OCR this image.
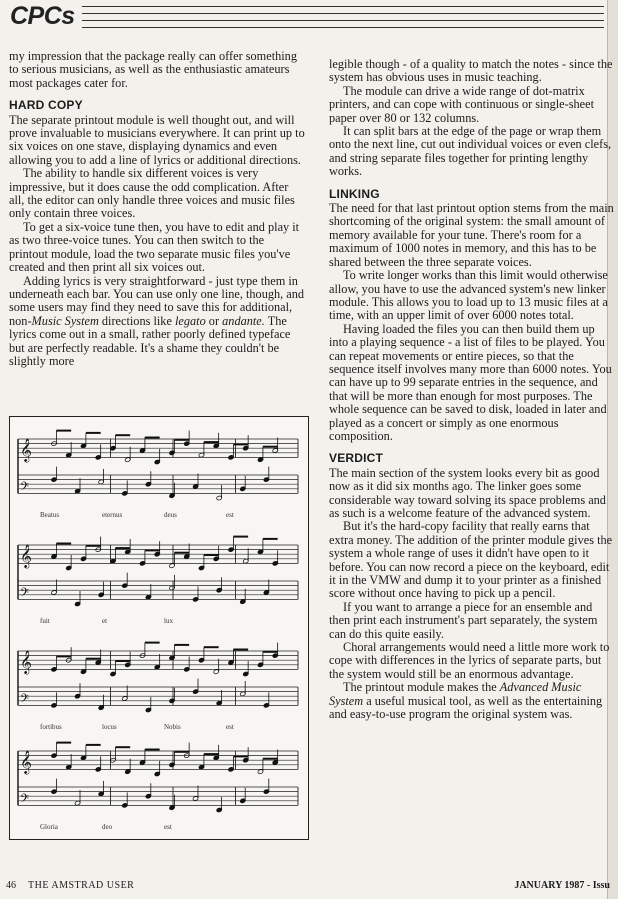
CPCs

my impression that the package really can offer something to serious musicians, as well as the enthusiastic amateurs most packages cater for.

HARD COPY

The separate printout module is well thought out, and will prove invaluable to musicians everywhere. It can print up to six voices on one stave, displaying dynamics and even allowing you to add a line of lyrics or additional directions.

The ability to handle six different voices is very impressive, but it does cause the odd complication. After all, the editor can only handle three voices and music files only contain three voices.

To get a six-voice tune then, you have to edit and play it as two three-voice tunes. You can then switch to the printout module, load the two separate music files you've created and then print all six voices out.

Adding lyrics is very straightforward - just type them in underneath each bar. You can use only one line, though, and some users may find they need to save this for additional, non-Music System directions like legato or andante. The lyrics come out in a small, rather poorly defined typeface but are perfectly readable. It's a shame they couldn't be slightly more

𝄞
𝄢
𝄞
𝄢
𝄞
𝄢
𝄞
𝄢
Beatus	eternus	deus	est
fuit	et	lux
fortibus	locus	Nobis	est
Gloria	deo	est

legible though - of a quality to match the notes - since the system has obvious uses in music teaching.

The module can drive a wide range of dot-matrix printers, and can cope with continuous or single-sheet paper over 80 or 132 columns.

It can split bars at the edge of the page or wrap them onto the next line, cut out individual voices or even clefs, and string separate files together for printing lengthy works.

LINKING

The need for that last printout option stems from the main shortcoming of the original system: the small amount of memory available for your tune. There's room for a maximum of 1000 notes in memory, and this has to be shared between the three separate voices.

To write longer works than this limit would otherwise allow, you have to use the advanced system's new linker module. This allows you to load up to 13 music files at a time, with an upper limit of over 6000 notes total.

Having loaded the files you can then build them up into a playing sequence - a list of files to be played. You can repeat movements or entire pieces, so that the sequence itself involves many more than 6000 notes. You can have up to 99 separate entries in the sequence, and that will be more than enough for most purposes. The whole sequence can be saved to disk, loaded in later and played as a concert or simply as one enormous composition.

VERDICT

The main section of the system looks every bit as good now as it did six months ago. The linker goes some considerable way toward solving its space problems and as such is a welcome feature of the advanced system.

But it's the hard-copy facility that really earns that extra money. The addition of the printer module gives the system a whole range of uses it didn't have open to it before. You can now record a piece on the keyboard, edit it in the VMW and dump it to your printer as a finished score without once having to pick up a pencil.

If you want to arrange a piece for an ensemble and then print each instrument's part separately, the system can do this quite easily.

Choral arrangements would need a little more work to cope with differences in the lyrics of separate parts, but the system would still be an enormous advantage.

The printout module makes the Advanced Music System a useful musical tool, as well as the entertaining and easy-to-use program the original system was.

46 THE AMSTRAD USER	JANUARY 1987 - Issu
